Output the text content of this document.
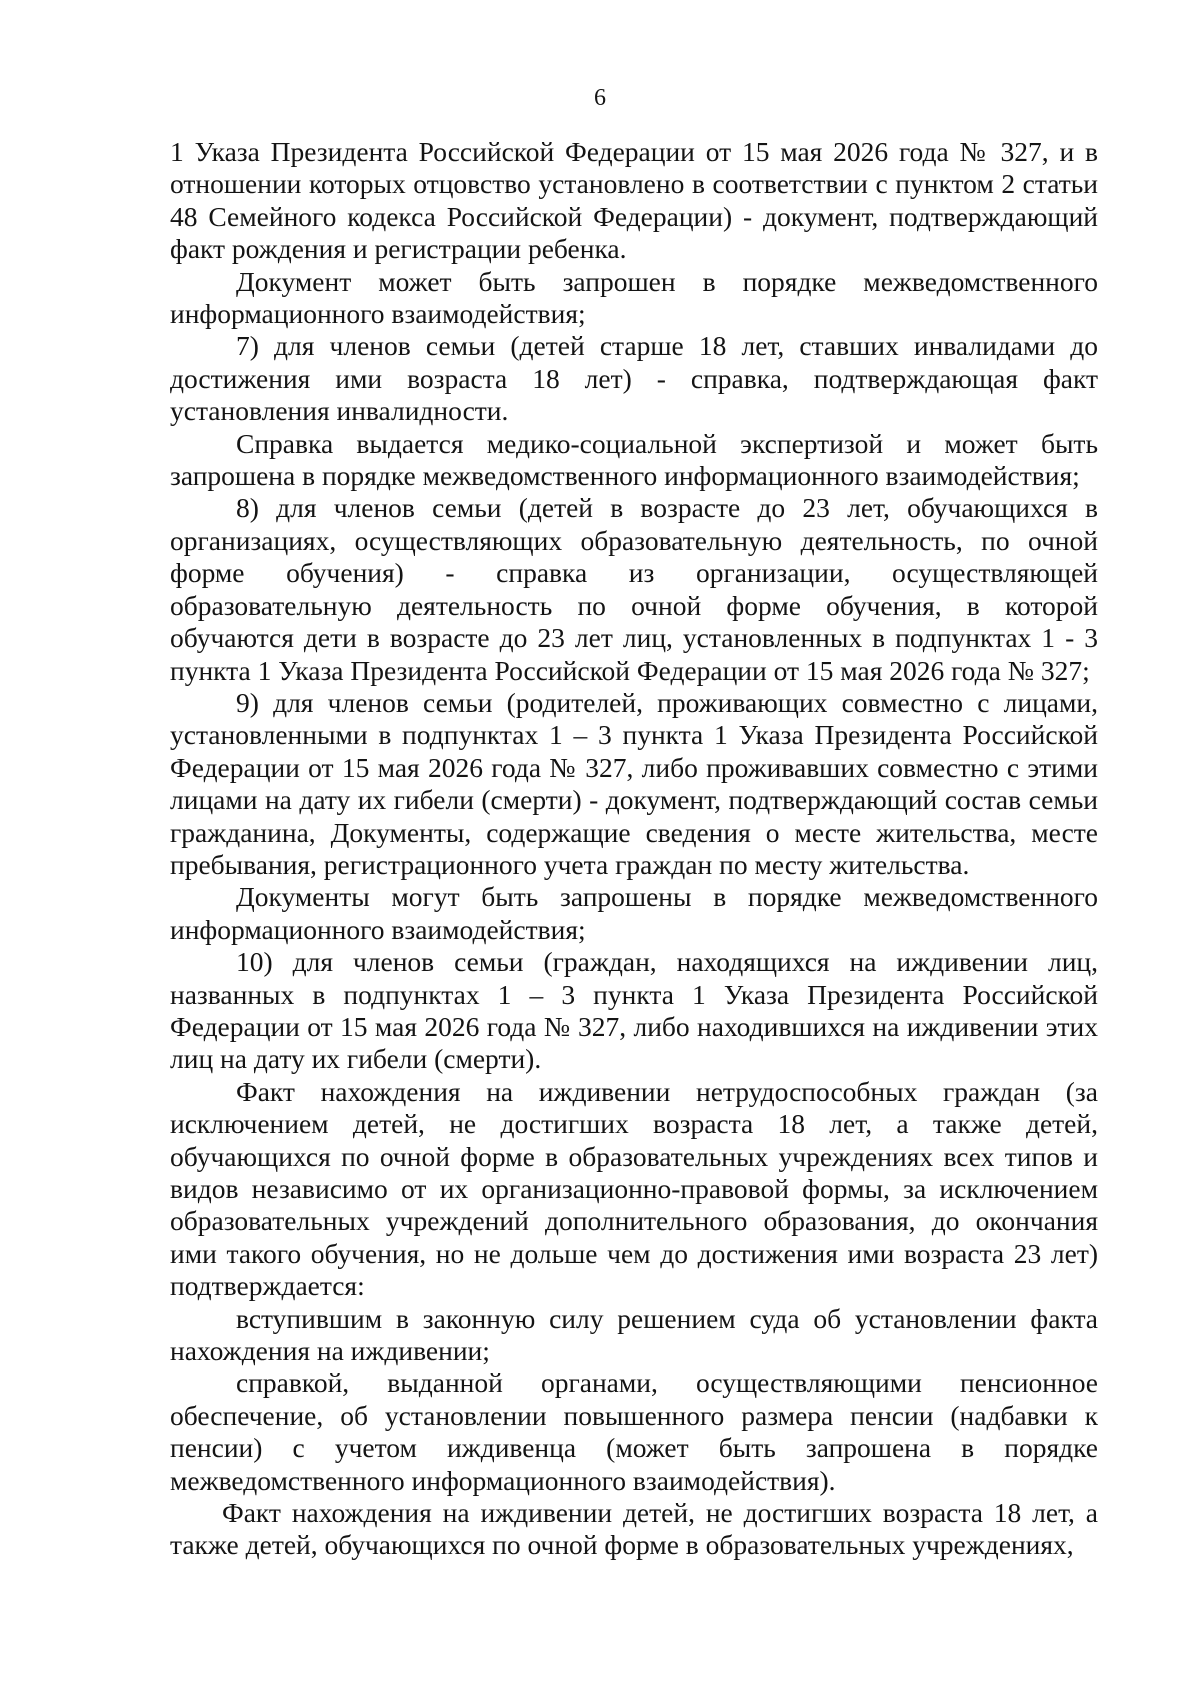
6

1 Указа Президента Российской Федерации от 15 мая 2026 года № 327, и в отношении которых отцовство установлено в соответствии с пунктом 2 статьи 48 Семейного кодекса Российской Федерации) - документ, подтверждающий факт рождения и регистрации ребенка.

Документ может быть запрошен в порядке межведомственного информационного взаимодействия;

7) для членов семьи (детей старше 18 лет, ставших инвалидами до достижения ими возраста 18 лет) - справка, подтверждающая факт установления инвалидности.

Справка выдается медико-социальной экспертизой и может быть запрошена в порядке межведомственного информационного взаимодействия;

8) для членов семьи (детей в возрасте до 23 лет, обучающихся в организациях, осуществляющих образовательную деятельность, по очной форме обучения) - справка из организации, осуществляющей образовательную деятельность по очной форме обучения, в которой обучаются дети в возрасте до 23 лет лиц, установленных в подпунктах 1 - 3 пункта 1 Указа Президента Российской Федерации от 15 мая 2026 года № 327;

9) для членов семьи (родителей, проживающих совместно с лицами, установленными в подпунктах 1 – 3 пункта 1 Указа Президента Российской Федерации от 15 мая 2026 года № 327, либо проживавших совместно с этими лицами на дату их гибели (смерти) - документ, подтверждающий состав семьи гражданина, Документы, содержащие сведения о месте жительства, месте пребывания, регистрационного учета граждан по месту жительства.

Документы могут быть запрошены в порядке межведомственного информационного взаимодействия;

10) для членов семьи (граждан, находящихся на иждивении лиц, названных в подпунктах 1 – 3 пункта 1 Указа Президента Российской Федерации от 15 мая 2026 года № 327, либо находившихся на иждивении этих лиц на дату их гибели (смерти).

Факт нахождения на иждивении нетрудоспособных граждан (за исключением детей, не достигших возраста 18 лет, а также детей, обучающихся по очной форме в образовательных учреждениях всех типов и видов независимо от их организационно-правовой формы, за исключением образовательных учреждений дополнительного образования, до окончания ими такого обучения, но не дольше чем до достижения ими возраста 23 лет) подтверждается:

вступившим в законную силу решением суда об установлении факта нахождения на иждивении;

справкой, выданной органами, осуществляющими пенсионное обеспечение, об установлении повышенного размера пенсии (надбавки к пенсии) с учетом иждивенца (может быть запрошена в порядке межведомственного информационного взаимодействия).

Факт нахождения на иждивении детей, не достигших возраста 18 лет, а также детей, обучающихся по очной форме в образовательных учреждениях,
